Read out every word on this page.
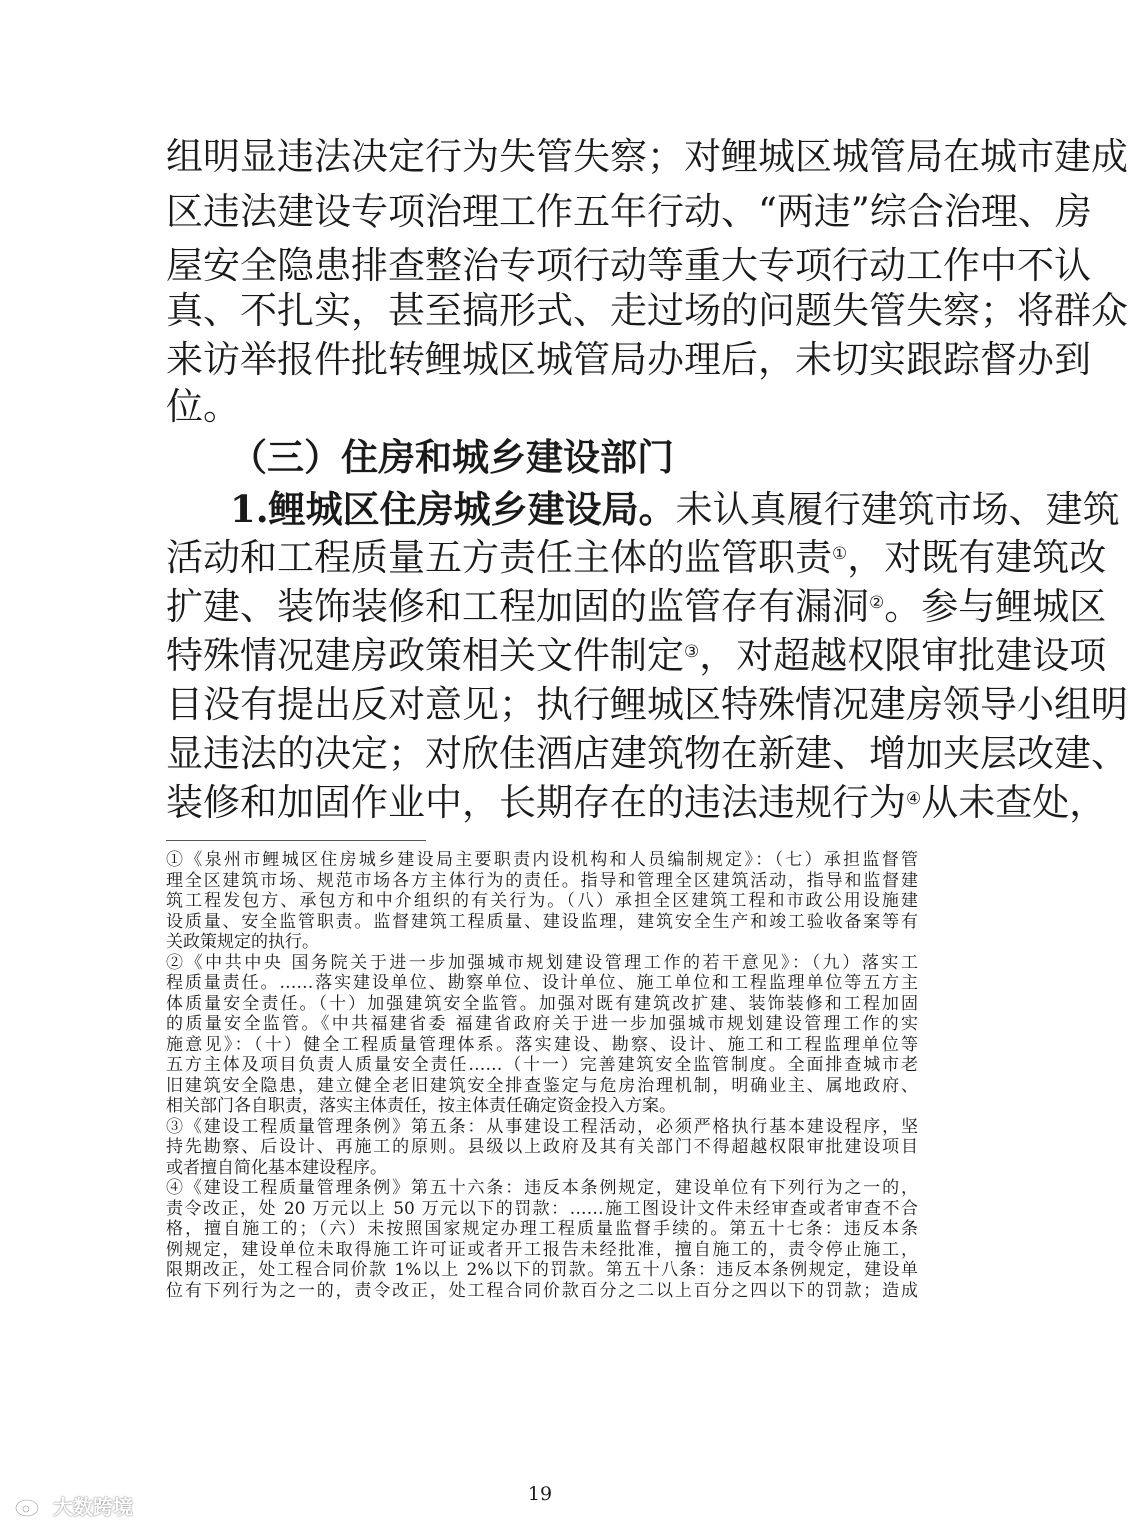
组明显违法决定行为失管失察；对鲤城区城管局在城市建成
区违法建设专项治理工作五年行动、“两违”综合治理、房
屋安全隐患排查整治专项行动等重大专项行动工作中不认
真、不扎实，甚至搞形式、走过场的问题失管失察；将群众
来访举报件批转鲤城区城管局办理后，未切实跟踪督办到
位。
（三）住房和城乡建设部门
1.鲤城区住房城乡建设局。未认真履行建筑市场、建筑
活动和工程质量五方责任主体的监管职责①，对既有建筑改
扩建、装饰装修和工程加固的监管存有漏洞②。参与鲤城区
特殊情况建房政策相关文件制定③，对超越权限审批建设项
目没有提出反对意见；执行鲤城区特殊情况建房领导小组明
显违法的决定；对欣佳酒店建筑物在新建、增加夹层改建、
装修和加固作业中，长期存在的违法违规行为④从未查处，
①《泉州市鲤城区住房城乡建设局主要职责内设机构和人员编制规定》：（七）承担监督管
理全区建筑市场、规范市场各方主体行为的责任。指导和管理全区建筑活动，指导和监督建
筑工程发包方、承包方和中介组织的有关行为。（八）承担全区建筑工程和市政公用设施建
设质量、安全监管职责。监督建筑工程质量、建设监理，建筑安全生产和竣工验收备案等有
关政策规定的执行。
②《中共中央 国务院关于进一步加强城市规划建设管理工作的若干意见》：（九）落实工
程质量责任。……落实建设单位、勘察单位、设计单位、施工单位和工程监理单位等五方主
体质量安全责任。（十）加强建筑安全监管。加强对既有建筑改扩建、装饰装修和工程加固
的质量安全监管。《中共福建省委 福建省政府关于进一步加强城市规划建设管理工作的实
施意见》：（十）健全工程质量管理体系。落实建设、勘察、设计、施工和工程监理单位等
五方主体及项目负责人质量安全责任……（十一）完善建筑安全监管制度。全面排查城市老
旧建筑安全隐患，建立健全老旧建筑安全排查鉴定与危房治理机制，明确业主、属地政府、
相关部门各自职责，落实主体责任，按主体责任确定资金投入方案。
③《建设工程质量管理条例》第五条：从事建设工程活动，必须严格执行基本建设程序，坚
持先勘察、后设计、再施工的原则。县级以上政府及其有关部门不得超越权限审批建设项目
或者擅自简化基本建设程序。
④《建设工程质量管理条例》第五十六条：违反本条例规定，建设单位有下列行为之一的，
责令改正，处 20 万元以上 50 万元以下的罚款：……施工图设计文件未经审查或者审查不合
格，擅自施工的；（六）未按照国家规定办理工程质量监督手续的。第五十七条：违反本条
例规定，建设单位未取得施工许可证或者开工报告未经批准，擅自施工的，责令停止施工，
限期改正，处工程合同价款 1%以上 2%以下的罚款。第五十八条：违反本条例规定，建设单
位有下列行为之一的，责令改正，处工程合同价款百分之二以上百分之四以下的罚款；造成
19
大数跨境
